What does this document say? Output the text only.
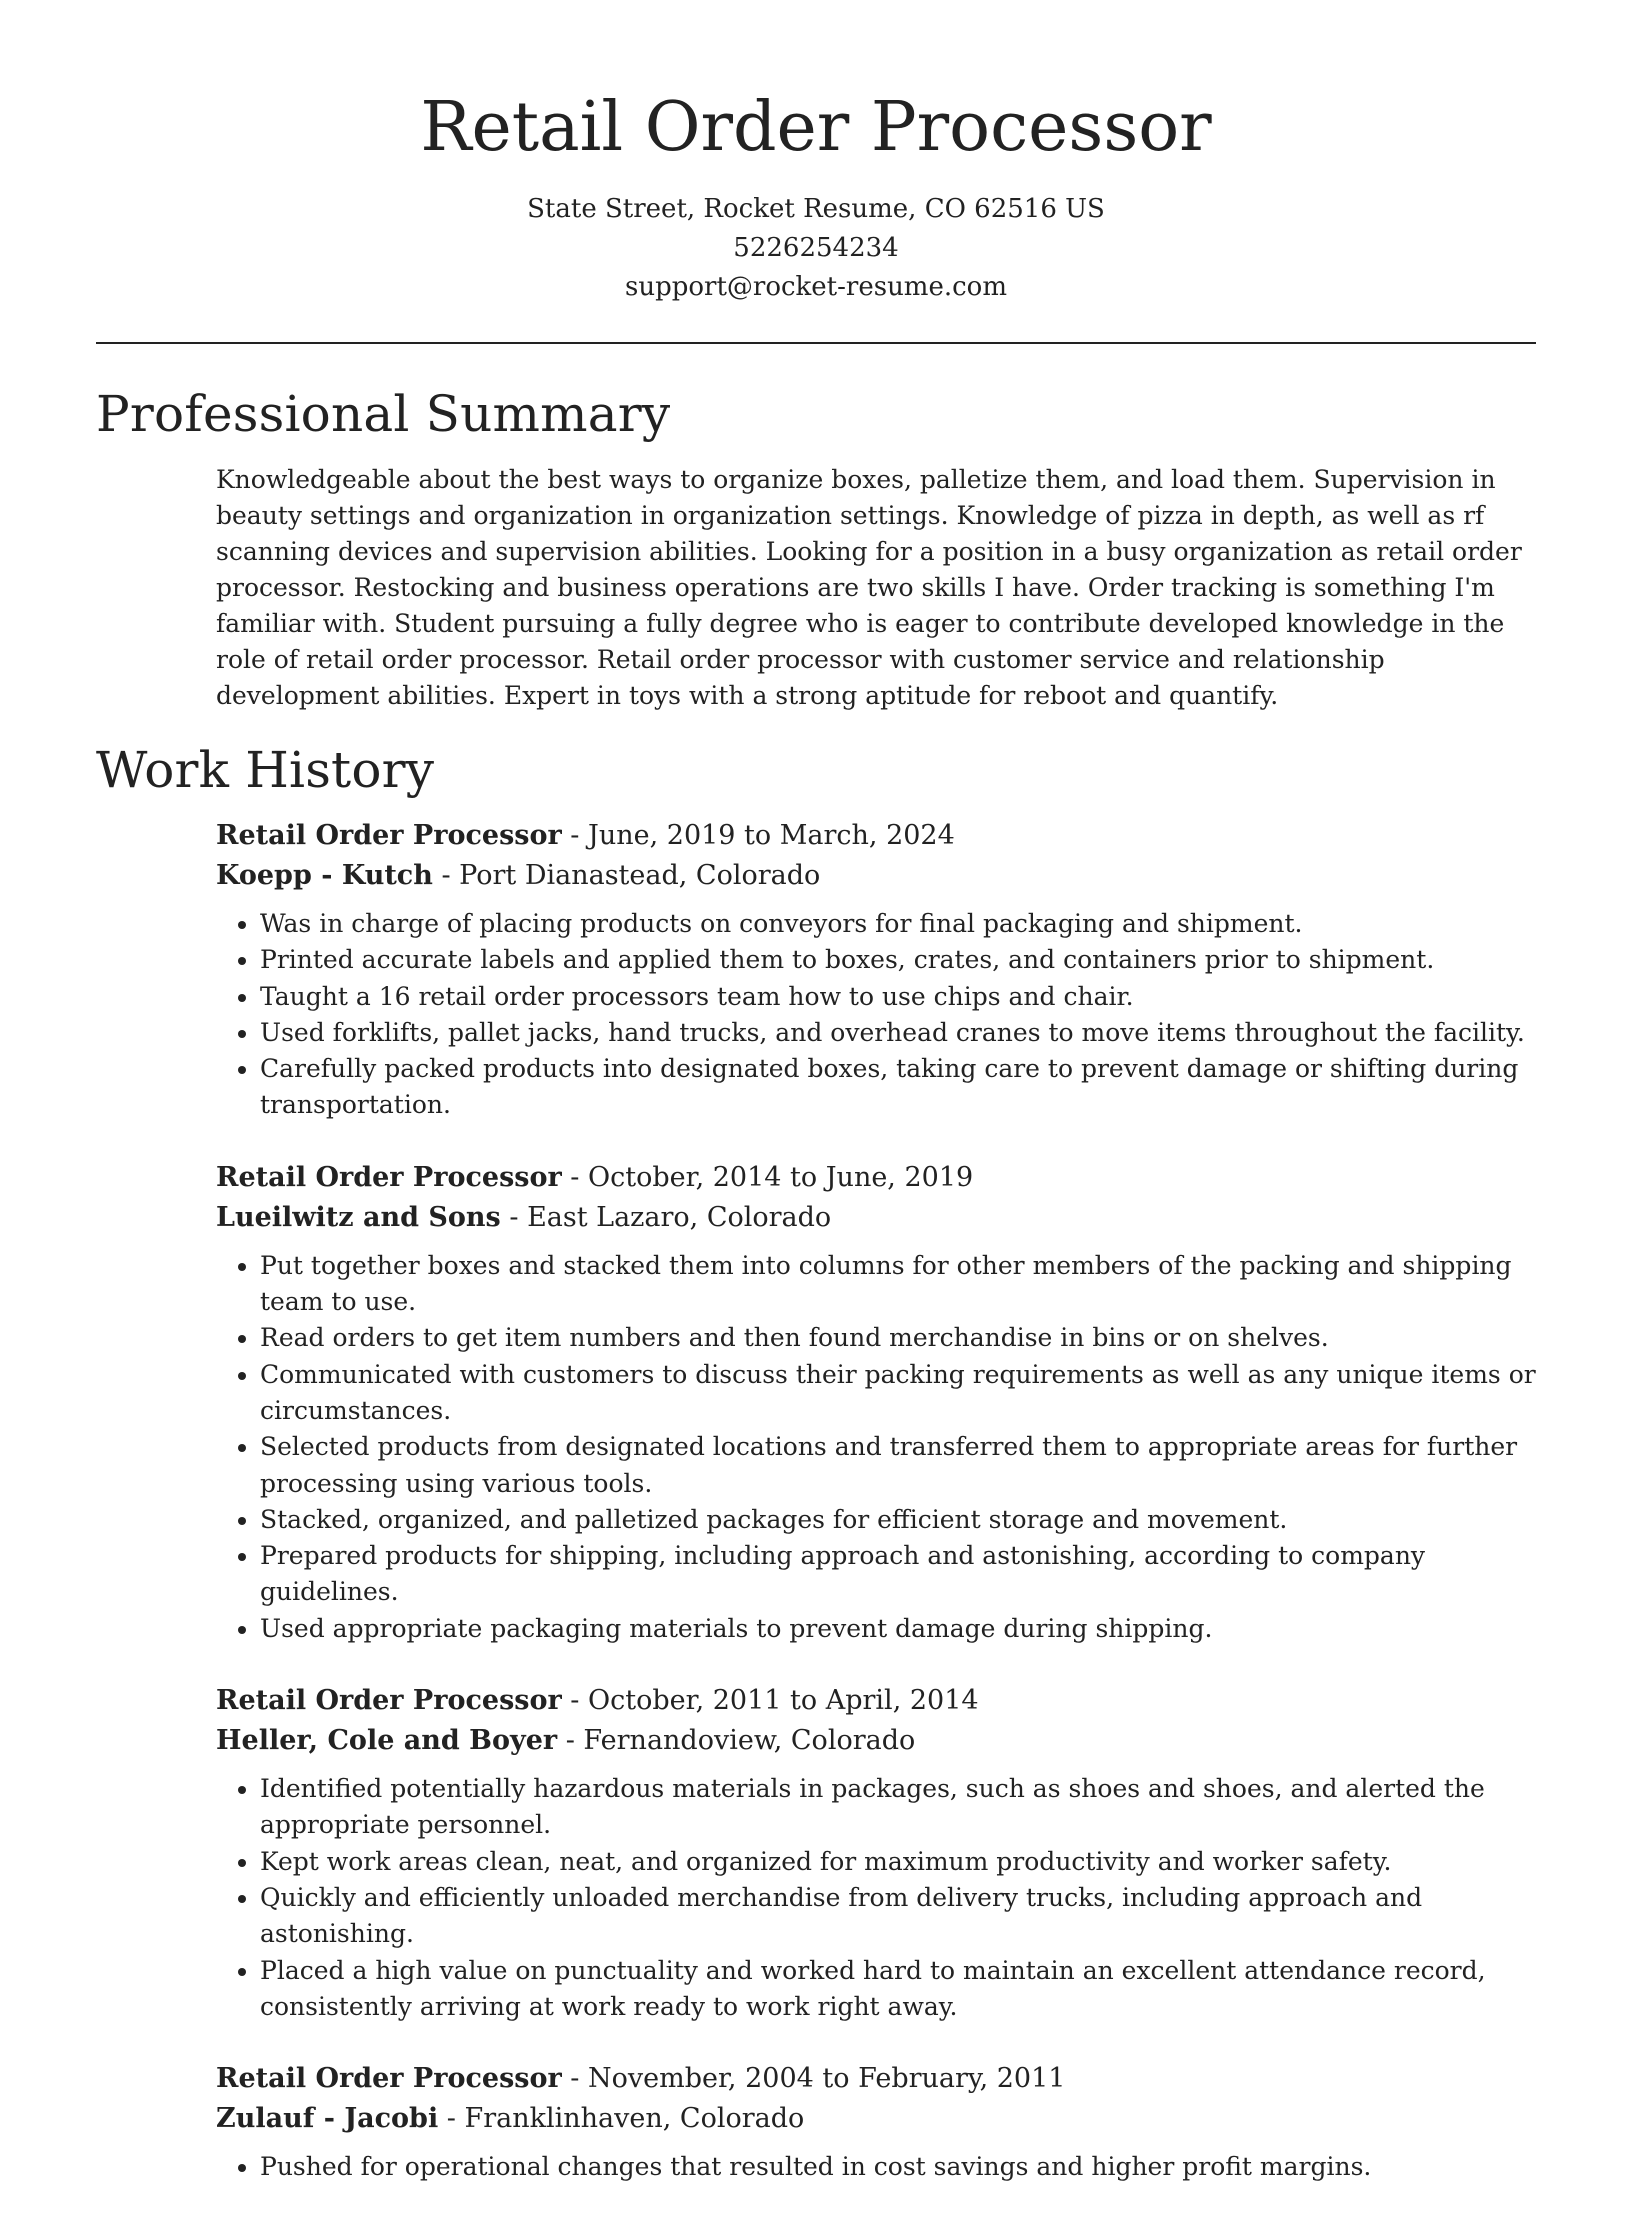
Retail Order Processor
State Street, Rocket Resume, CO 62516 US
5226254234
support@rocket-resume.com
Professional Summary

Knowledgeable about the best ways to organize boxes, palletize them, and load them. Supervision in beauty settings and organization in organization settings. Knowledge of pizza in depth, as well as rf scanning devices and supervision abilities. Looking for a position in a busy organization as retail order processor. Restocking and business operations are two skills I have. Order tracking is something I'm familiar with. Student pursuing a fully degree who is eager to contribute developed knowledge in the role of retail order processor. Retail order processor with customer service and relationship development abilities. Expert in toys with a strong aptitude for reboot and quantify.

Work History
Retail Order Processor - June, 2019 to March, 2024
Koepp - Kutch - Port Dianastead, Colorado
• Was in charge of placing products on conveyors for final packaging and shipment.
• Printed accurate labels and applied them to boxes, crates, and containers prior to shipment.
• Taught a 16 retail order processors team how to use chips and chair.
• Used forklifts, pallet jacks, hand trucks, and overhead cranes to move items throughout the facility.
• Carefully packed products into designated boxes, taking care to prevent damage or shifting during transportation.
Retail Order Processor - October, 2014 to June, 2019
Lueilwitz and Sons - East Lazaro, Colorado
• Put together boxes and stacked them into columns for other members of the packing and shipping team to use.
• Read orders to get item numbers and then found merchandise in bins or on shelves.
• Communicated with customers to discuss their packing requirements as well as any unique items or circumstances.
• Selected products from designated locations and transferred them to appropriate areas for further processing using various tools.
• Stacked, organized, and palletized packages for efficient storage and movement.
• Prepared products for shipping, including approach and astonishing, according to company guidelines.
• Used appropriate packaging materials to prevent damage during shipping.
Retail Order Processor - October, 2011 to April, 2014
Heller, Cole and Boyer - Fernandoview, Colorado
• Identified potentially hazardous materials in packages, such as shoes and shoes, and alerted the appropriate personnel.
• Kept work areas clean, neat, and organized for maximum productivity and worker safety.
• Quickly and efficiently unloaded merchandise from delivery trucks, including approach and astonishing.
• Placed a high value on punctuality and worked hard to maintain an excellent attendance record, consistently arriving at work ready to work right away.
Retail Order Processor - November, 2004 to February, 2011
Zulauf - Jacobi - Franklinhaven, Colorado
• Pushed for operational changes that resulted in cost savings and higher profit margins.
